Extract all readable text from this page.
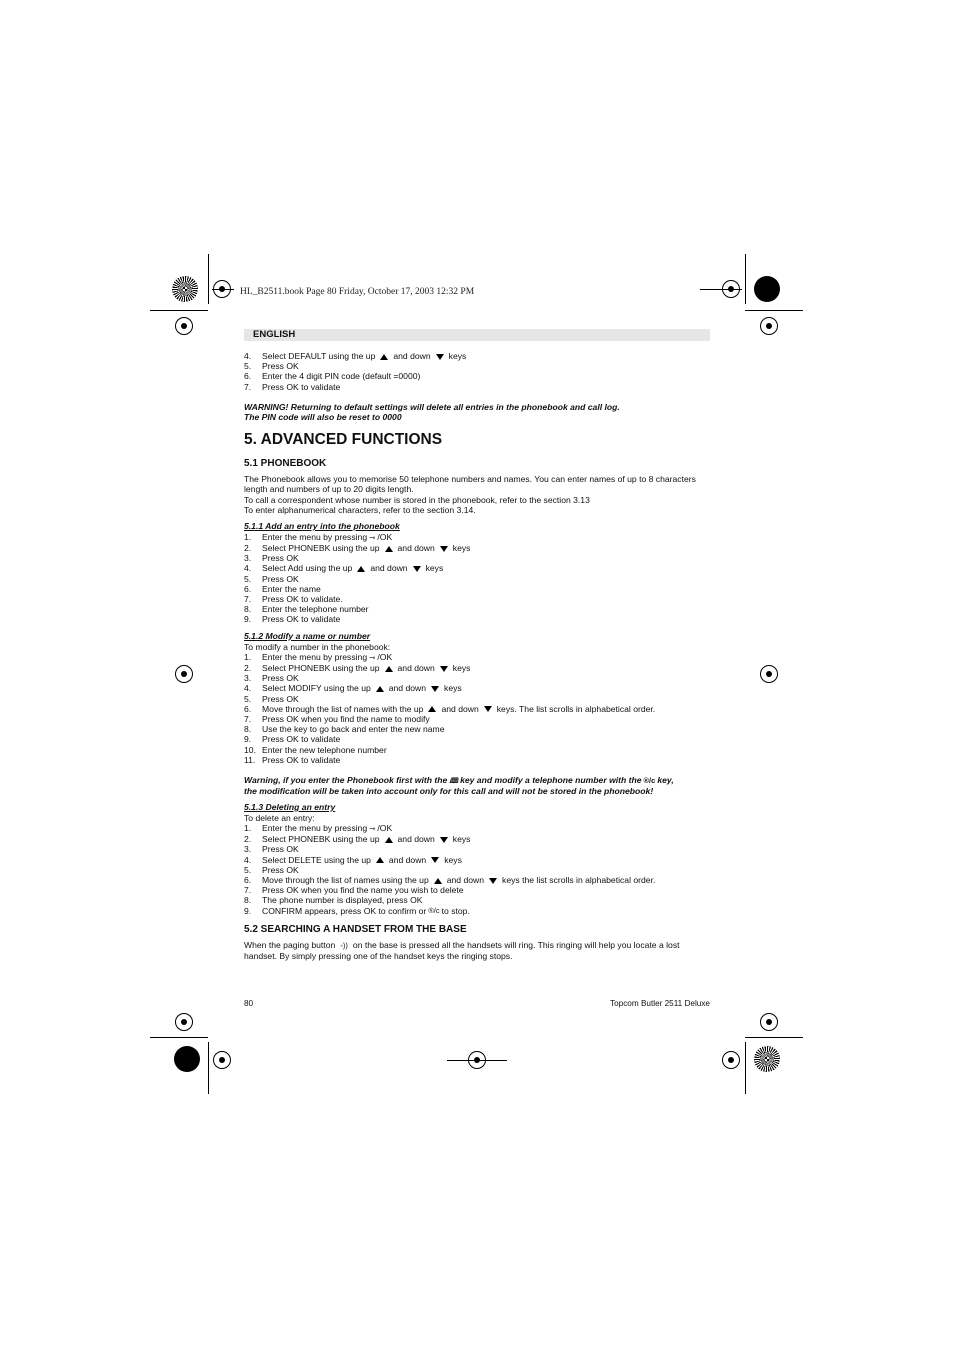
HL_B2511.book Page 80 Friday, October 17, 2003 12:32 PM
ENGLISH
4.	Select DEFAULT using the up and down keys
5.	Press OK
6.	Enter the 4 digit PIN code (default =0000)
7.	Press OK to validate

WARNING! Returning to default settings will delete all entries in the phonebook and call log.

The PIN code will also be reset to 0000

5. ADVANCED FUNCTIONS
5.1 PHONEBOOK

The Phonebook allows you to memorise 50 telephone numbers and names. You can enter names of up to 8 characters

length and numbers of up to 20 digits length.

To call a correspondent whose number is stored in the phonebook, refer to the section 3.13

To enter alphanumerical characters, refer to the section 3.14.

5.1.1 Add an entry into the phonebook
1.	Enter the menu by pressing ⊸ /OK
2.	Select PHONEBK using the up and down keys
3.	Press OK
4.	Select Add using the up and down keys
5.	Press OK
6.	Enter the name
7.	Press OK to validate.
8.	Enter the telephone number
9.	Press OK to validate
5.1.2 Modify a name or number

To modify a number in the phonebook:

1.	Enter the menu by pressing ⊸ /OK
2.	Select PHONEBK using the up and down keys
3.	Press OK
4.	Select MODIFY using the up and down keys
5.	Press OK
6.	Move through the list of names with the up and down keys. The list scrolls in alphabetical order.
7.	Press OK when you find the name to modify
8.	Use the key to go back and enter the new name
9.	Press OK to validate
10. Enter the new telephone number
11. Press OK to validate

Warning, if you enter the Phonebook first with the 🕮 key and modify a telephone number with the ®/c key,

the modification will be taken into account only for this call and will not be stored in the phonebook!

5.1.3 Deleting an entry

To delete an entry:

1.	Enter the menu by pressing ⊸ /OK
2.	Select PHONEBK using the up and down keys
3.	Press OK
4.	Select DELETE using the up and down keys
5.	Press OK
6.	Move through the list of names using the up and down keys the list scrolls in alphabetical order.
7.	Press OK when you find the name you wish to delete
8.	The phone number is displayed, press OK
9.	CONFIRM appears, press OK to confirm or ®/c to stop.
5.2 SEARCHING A HANDSET FROM THE BASE

When the paging button ◦)) on the base is pressed all the handsets will ring. This ringing will help you locate a lost

handset. By simply pressing one of the handset keys the ringing stops.

80	Topcom Butler 2511 Deluxe
